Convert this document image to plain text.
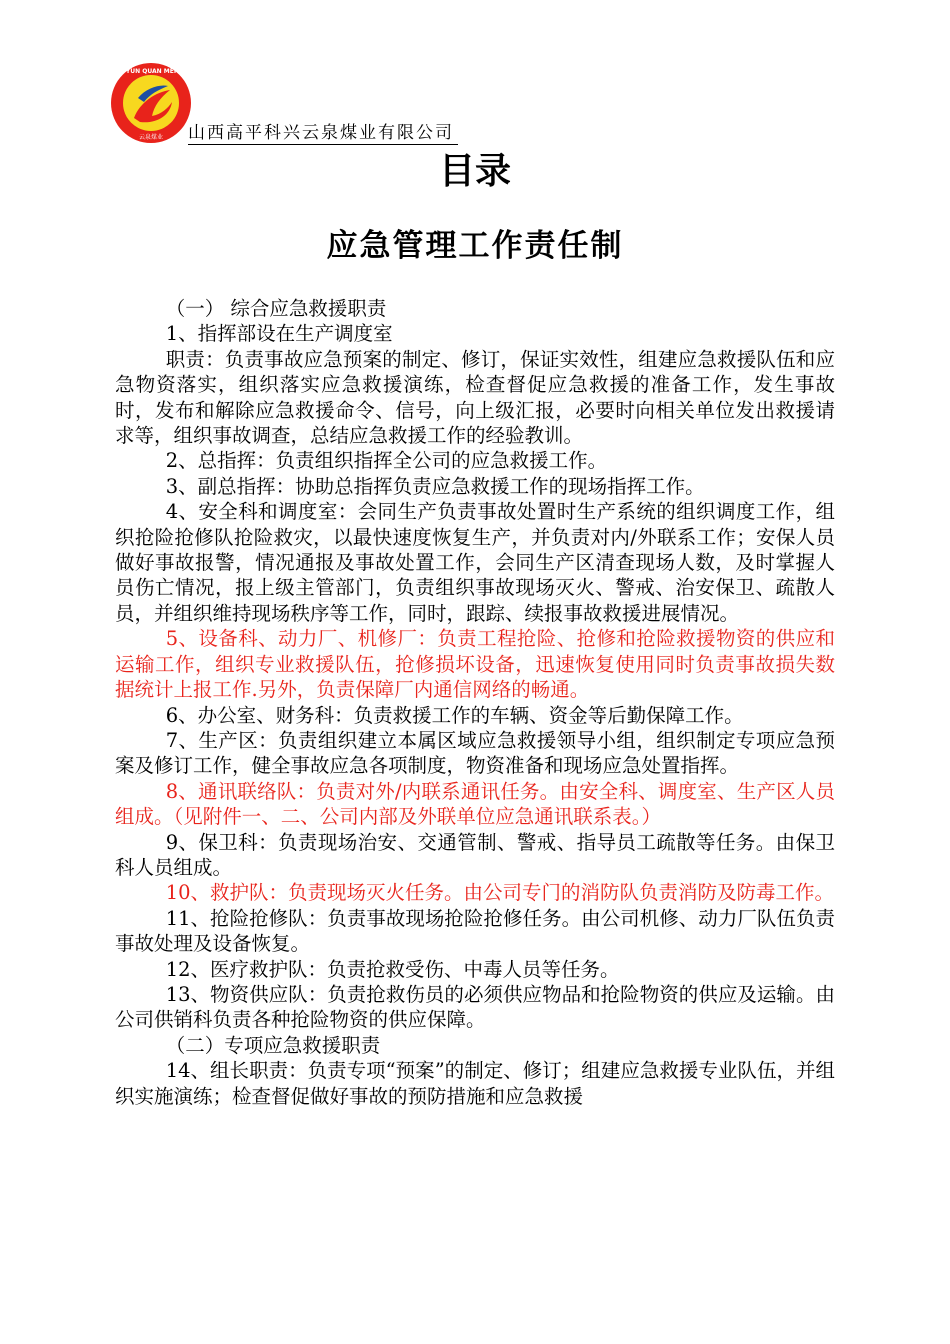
YUN QUAN MEI
云泉煤业 山西高平科兴云泉煤业有限公司
目录
应急管理工作责任制

（一） 综合应急救援职责

1、指挥部设在生产调度室

职责：负责事故应急预案的制定、修订，保证实效性，组建应急救援队伍和应急物资落实，组织落实应急救援演练，检查督促应急救援的准备工作，发生事故时，发布和解除应急救援命令、信号，向上级汇报，必要时向相关单位发出救援请求等，组织事故调查，总结应急救援工作的经验教训。

2、总指挥：负责组织指挥全公司的应急救援工作。

3、副总指挥：协助总指挥负责应急救援工作的现场指挥工作。

4、安全科和调度室：会同生产负责事故处置时生产系统的组织调度工作，组织抢险抢修队抢险救灾，以最快速度恢复生产，并负责对内/外联系工作；安保人员做好事故报警，情况通报及事故处置工作，会同生产区清查现场人数，及时掌握人员伤亡情况，报上级主管部门，负责组织事故现场灭火、警戒、治安保卫、疏散人员，并组织维持现场秩序等工作，同时，跟踪、续报事故救援进展情况。

5、设备科、动力厂、机修厂：负责工程抢险、抢修和抢险救援物资的供应和运输工作，组织专业救援队伍，抢修损坏设备，迅速恢复使用同时负责事故损失数据统计上报工作.另外，负责保障厂内通信网络的畅通。

6、办公室、财务科：负责救援工作的车辆、资金等后勤保障工作。

7、生产区：负责组织建立本属区域应急救援领导小组，组织制定专项应急预案及修订工作，健全事故应急各项制度，物资准备和现场应急处置指挥。

8、通讯联络队：负责对外/内联系通讯任务。由安全科、调度室、生产区人员组成。（见附件一、二、公司内部及外联单位应急通讯联系表。）

9、保卫科：负责现场治安、交通管制、警戒、指导员工疏散等任务。由保卫科人员组成。

10、救护队：负责现场灭火任务。由公司专门的消防队负责消防及防毒工作。

11、抢险抢修队：负责事故现场抢险抢修任务。由公司机修、动力厂队伍负责事故处理及设备恢复。

12、医疗救护队：负责抢救受伤、中毒人员等任务。

13、物资供应队：负责抢救伤员的必须供应物品和抢险物资的供应及运输。由公司供销科负责各种抢险物资的供应保障。

（二）专项应急救援职责

14、组长职责：负责专项“预案”的制定、修订；组建应急救援专业队伍，并组织实施演练；检查督促做好事故的预防措施和应急救援
